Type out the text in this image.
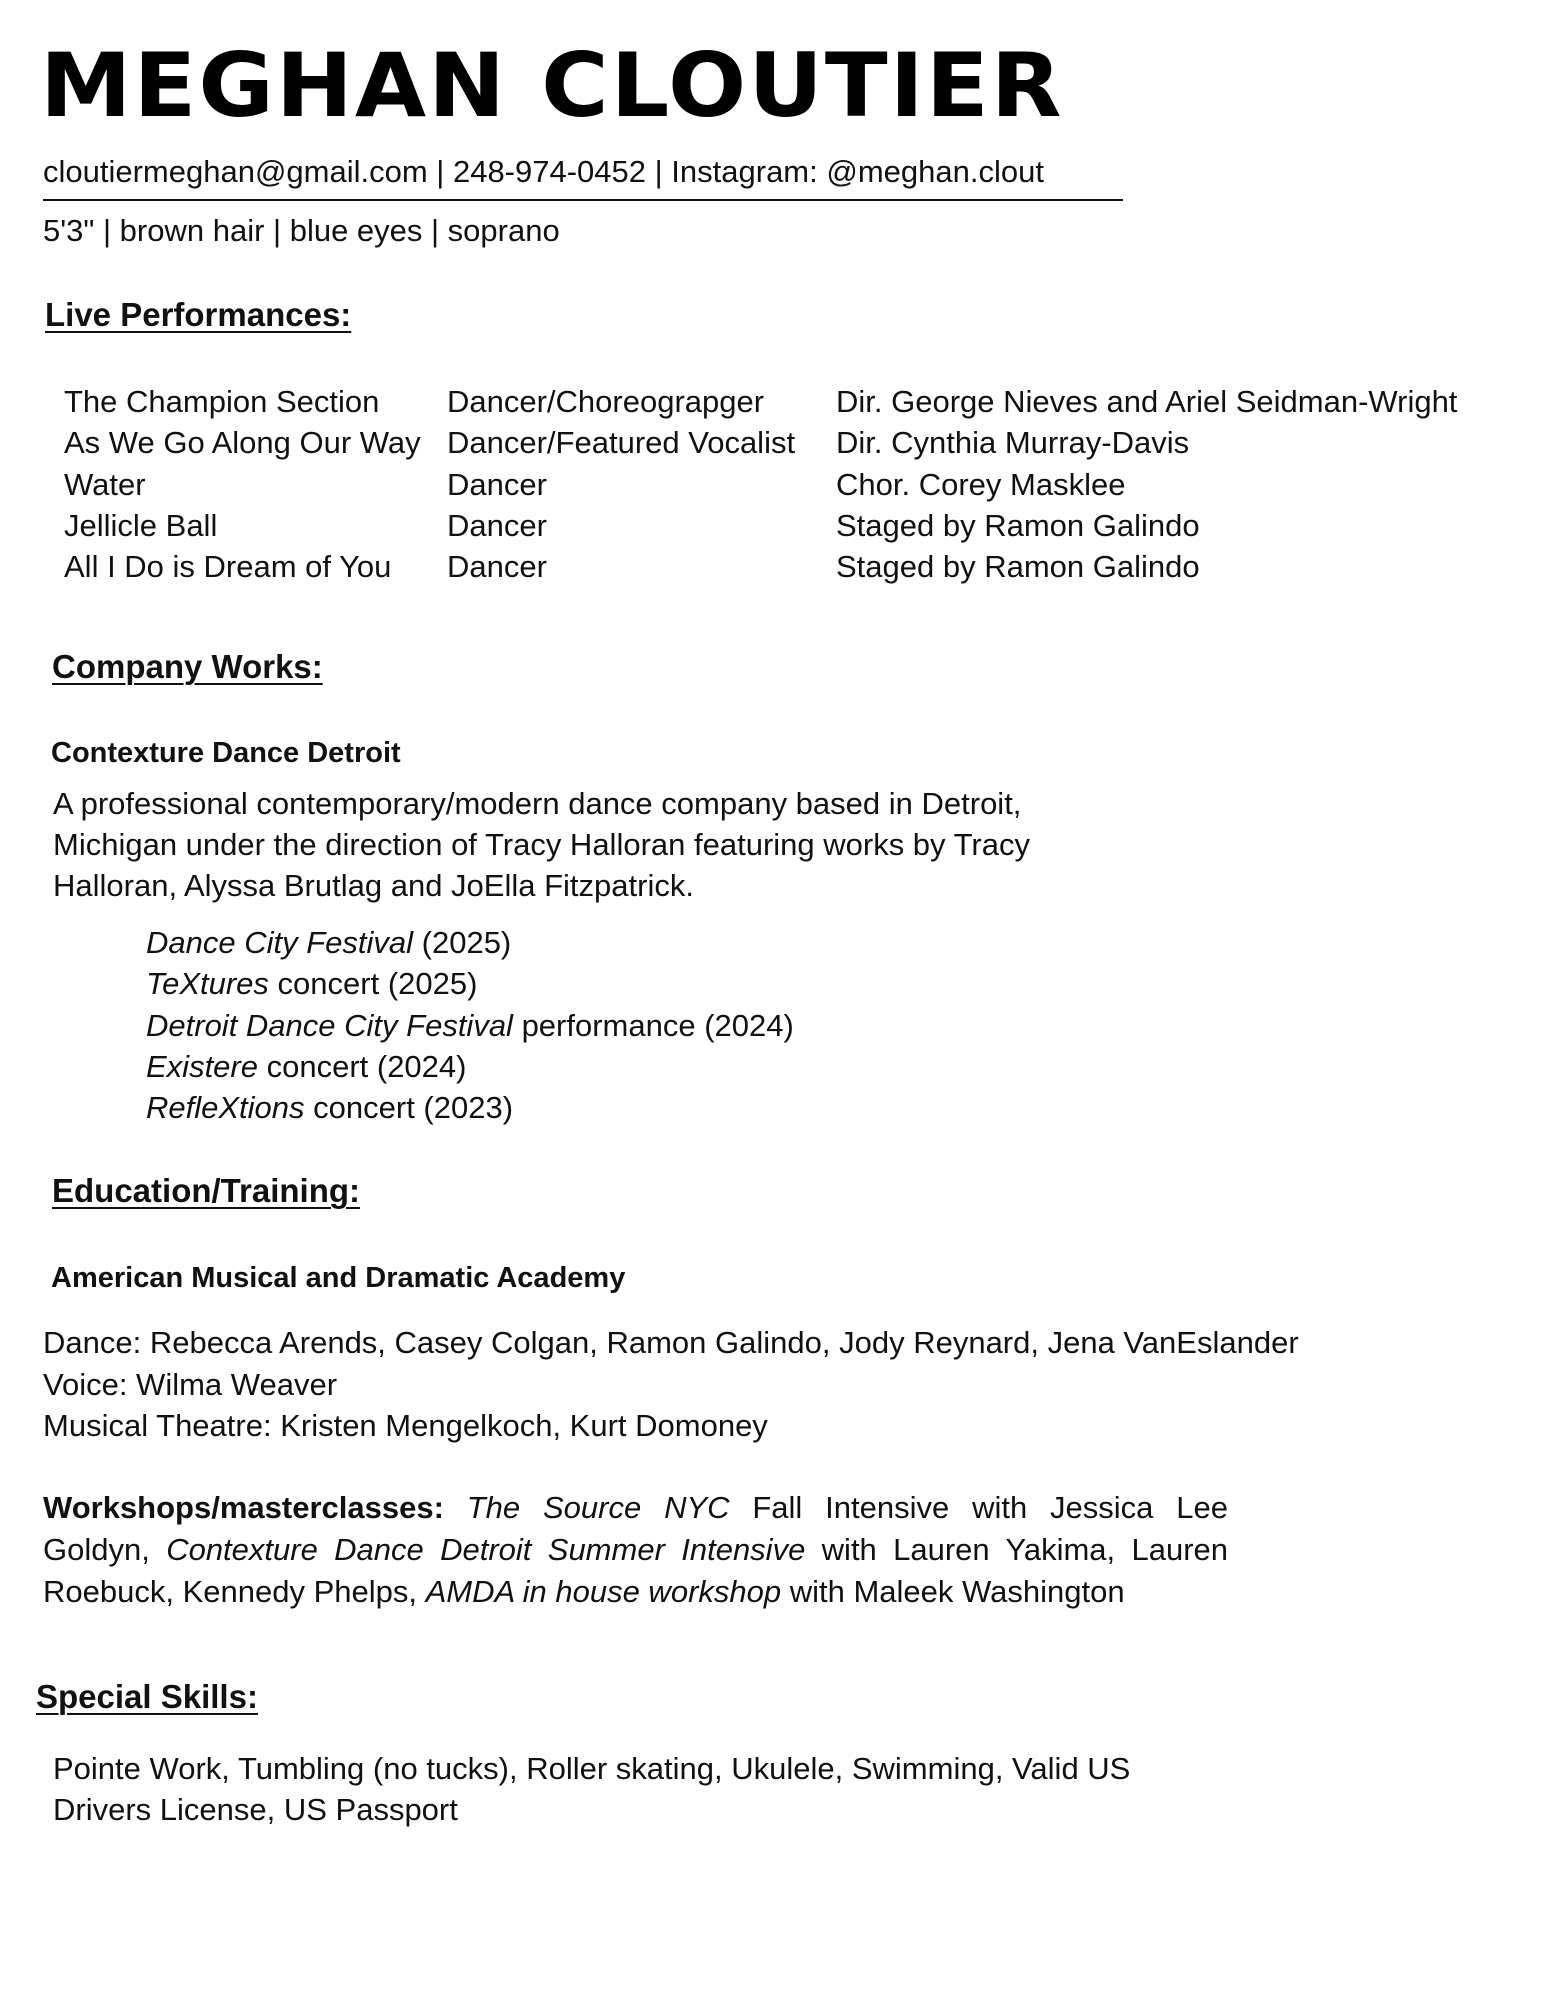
MEGHAN CLOUTIER
cloutiermeghan@gmail.com | 248-974-0452 | Instagram: @meghan.clout
5'3" | brown hair | blue eyes | soprano
Live Performances:
The Champion Section	Dancer/Choreograpger	Dir. George Nieves and Ariel Seidman-Wright
As We Go Along Our Way	Dancer/Featured Vocalist	Dir. Cynthia Murray-Davis
Water	Dancer	Chor. Corey Masklee
Jellicle Ball	Dancer	Staged by Ramon Galindo
All I Do is Dream of You	Dancer	Staged by Ramon Galindo
Company Works:
Contexture Dance Detroit
A professional contemporary/modern dance company based in Detroit, Michigan under the direction of Tracy Halloran featuring works by Tracy Halloran, Alyssa Brutlag and JoElla Fitzpatrick.
Dance City Festival (2025)
TeXtures concert (2025)
Detroit Dance City Festival performance (2024)
Existere concert (2024)
RefleXtions concert (2023)
Education/Training:
American Musical and Dramatic Academy
Dance: Rebecca Arends, Casey Colgan, Ramon Galindo, Jody Reynard, Jena VanEslander
Voice: Wilma Weaver
Musical Theatre: Kristen Mengelkoch, Kurt Domoney
Workshops/masterclasses: The Source NYC Fall Intensive with Jessica Lee Goldyn, Contexture Dance Detroit Summer Intensive with Lauren Yakima, Lauren Roebuck, Kennedy Phelps, AMDA in house workshop with Maleek Washington
Special Skills:
Pointe Work, Tumbling (no tucks), Roller skating, Ukulele, Swimming, Valid US Drivers License, US Passport
